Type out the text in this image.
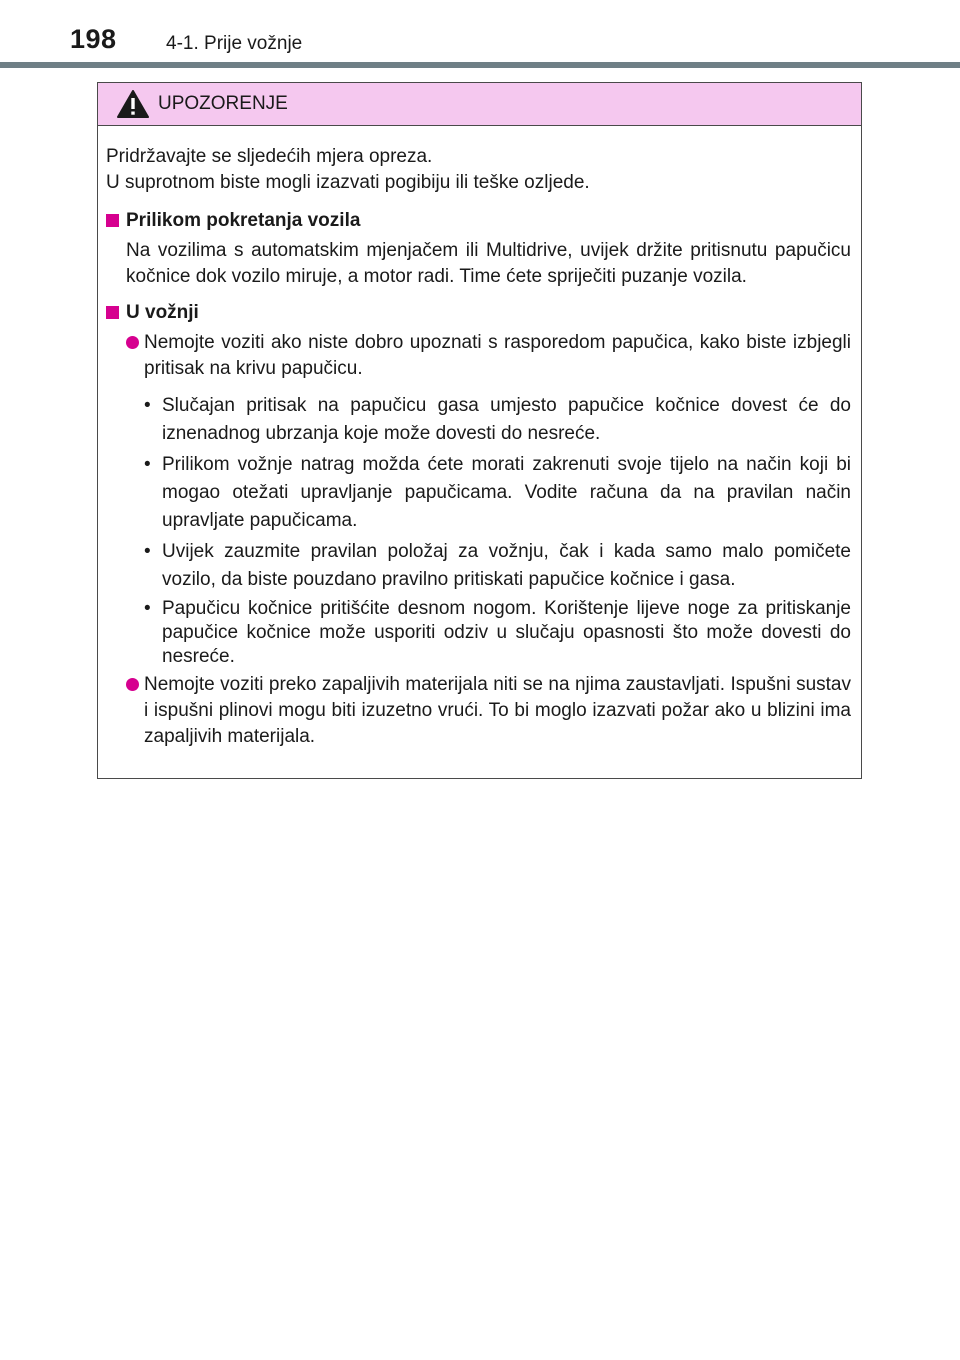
198	4-1. Prije vožnje
UPOZORENJE

Pridržavajte se sljedećih mjera opreza.
U suprotnom biste mogli izazvati pogibiju ili teške ozljede.

Prilikom pokretanja vozila

Na vozilima s automatskim mjenjačem ili Multidrive, uvijek držite pritisnutu papučicu kočnice dok vozilo miruje, a motor radi. Time ćete spriječiti puzanje vozila.

U vožnji

Nemojte voziti ako niste dobro upoznati s rasporedom papučica, kako biste izbjegli pritisak na krivu papučicu.
• Slučajan pritisak na papučicu gasa umjesto papučice kočnice dovest će do iznenadnog ubrzanja koje može dovesti do nesreće.
• Prilikom vožnje natrag možda ćete morati zakrenuti svoje tijelo na način koji bi mogao otežati upravljanje papučicama. Vodite računa da na pravilan način upravljate papučicama.
• Uvijek zauzmite pravilan položaj za vožnju, čak i kada samo malo pomičete vozilo, da biste pouzdano pravilno pritiskati papučice kočnice i gasa.
• Papučicu kočnice pritišćite desnom nogom. Korištenje lijeve noge za pritiskanje papučice kočnice može usporiti odziv u slučaju opasnosti što može dovesti do nesreće.
Nemojte voziti preko zapaljivih materijala niti se na njima zaustavljati. Ispušni sustav i ispušni plinovi mogu biti izuzetno vrući. To bi moglo izazvati požar ako u blizini ima zapaljivih materijala.
